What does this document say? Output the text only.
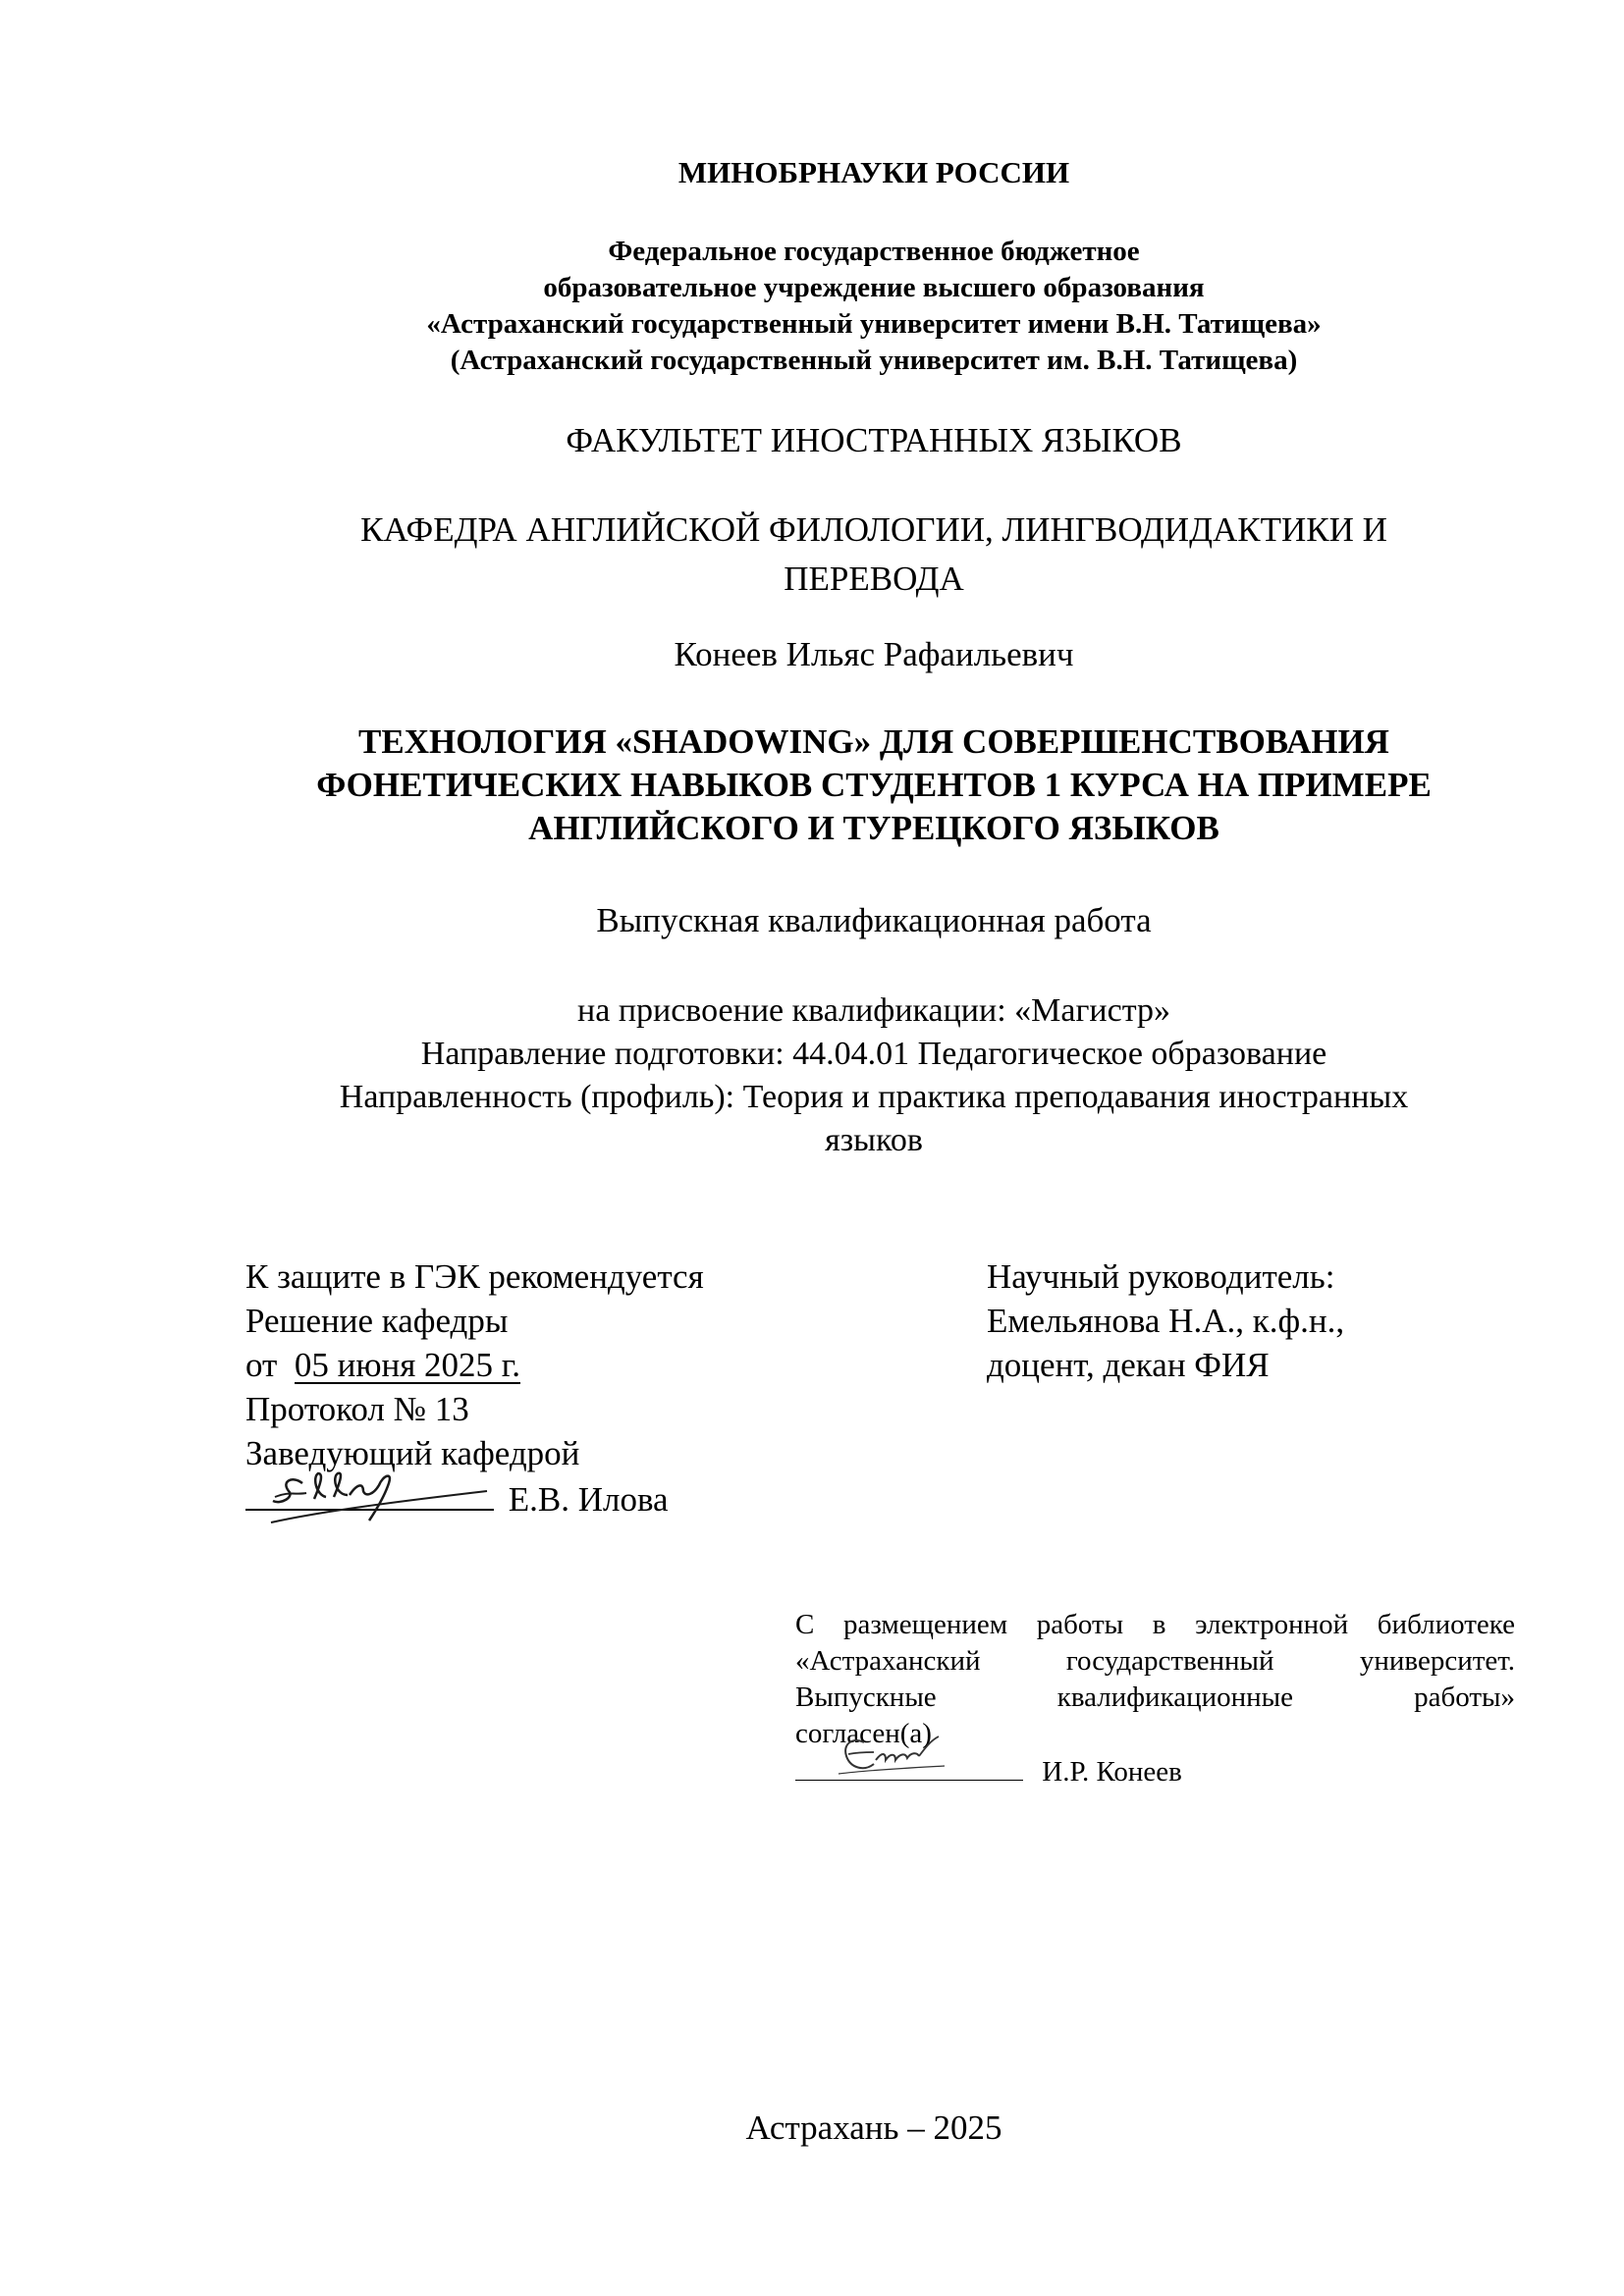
МИНОБРНАУКИ РОССИИ
Федеральное государственное бюджетное
образовательное учреждение высшего образования
«Астраханский государственный университет имени В.Н. Татищева»
(Астраханский государственный университет им. В.Н. Татищева)
ФАКУЛЬТЕТ ИНОСТРАННЫХ ЯЗЫКОВ
КАФЕДРА АНГЛИЙСКОЙ ФИЛОЛОГИИ, ЛИНГВОДИДАКТИКИ И
ПЕРЕВОДА
Конеев Ильяс Рафаильевич
ТЕХНОЛОГИЯ «SHADOWING» ДЛЯ СОВЕРШЕНСТВОВАНИЯ
ФОНЕТИЧЕСКИХ НАВЫКОВ СТУДЕНТОВ 1 КУРСА НА ПРИМЕРЕ
АНГЛИЙСКОГО И ТУРЕЦКОГО ЯЗЫКОВ
Выпускная квалификационная работа
на присвоение квалификации: «Магистр»
Направление подготовки: 44.04.01 Педагогическое образование
Направленность (профиль): Теория и практика преподавания иностранных
языков
К защите в ГЭК рекомендуется
Решение кафедры
от 05 июня 2025 г.
Протокол № 13
Заведующий кафедрой
Е.В. Илова
Научный руководитель:
Емельянова Н.А., к.ф.н.,
доцент, декан ФИЯ
С размещением работы в электронной библиотеке
«Астраханский государственный университет.
Выпускные квалификационные работы»
согласен(а)
И.Р. Конеев
Астрахань – 2025
